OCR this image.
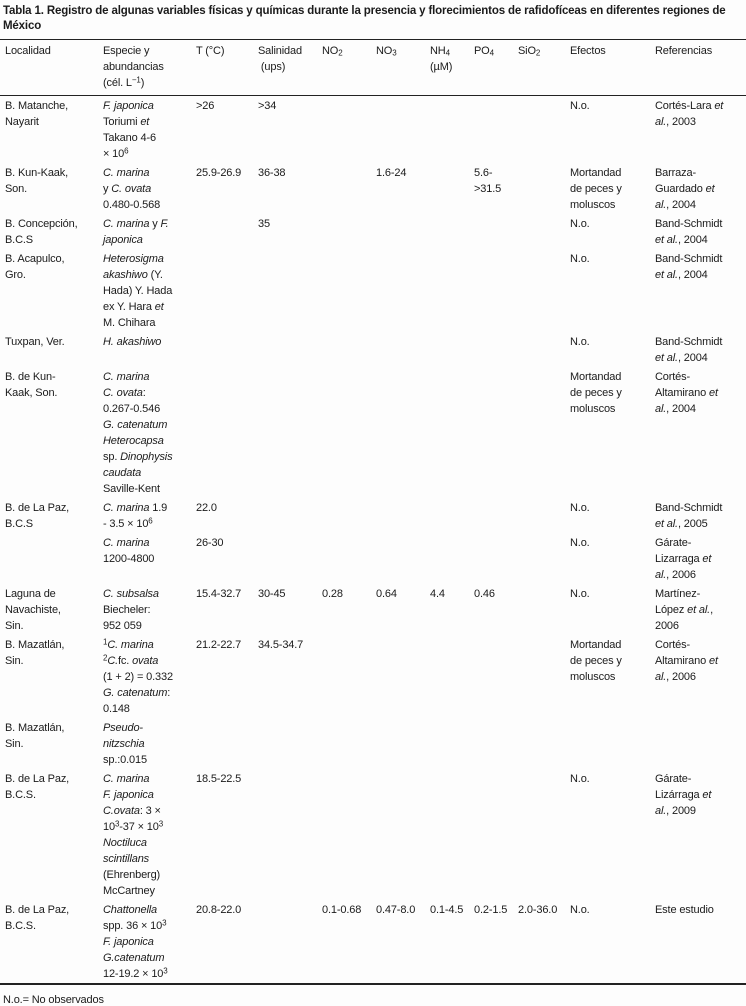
Tabla 1. Registro de algunas variables físicas y químicas durante la presencia y florecimientos de rafidofíceas en diferentes regiones de
México
Localidad	Especie y
abundancias
(cél. $L^{-1}$)	T (°C)	Salinidad
(ups)	$NO_2$	$NO_3$	$NH_4$
(µM)	$PO_4$	SiO$_2$	Efectos	Referencias
B. Matanche,
Nayarit	F. japonica
Toriumi et
Takano 4-6
× $10^6$	>26	>34						N.o.	Cortés-Lara et
al., 2003
B. Kun-Kaak,
Son.	C. marina
y C. ovata
0.480-0.568	25.9-26.9	36-38		1.6-24		5.6-
>31.5		Mortandad
de peces y
moluscos	Barraza-
Guardado et
al., 2004
B. Concepción,
B.C.S	C. marina y F.
japonica		35						N.o.	Band-Schmidt
et al., 2004
B. Acapulco,
Gro.	Heterosigma
akashiwo (Y.
Hada) Y. Hada
ex Y. Hara et
M. Chihara								N.o.	Band-Schmidt
et al., 2004
Tuxpan, Ver.	H. akashiwo								N.o.	Band-Schmidt
et al., 2004
B. de Kun-
Kaak, Son.	C. marina
C. ovata:
0.267-0.546
G. catenatum
Heterocapsa
sp. Dinophysis
caudata
Saville-Kent								Mortandad
de peces y
moluscos	Cortés-
Altamirano et
al., 2004
B. de La Paz,
B.C.S	C. marina 1.9
- $3.5 \times 10^6$	22.0							N.o.	Band-Schmidt
et al., 2005
	C. marina
1200-4800	26-30							N.o.	Gárate-
Lizarraga et
al., 2006
Laguna de
Navachiste,
Sin.	C. subsalsa
Biecheler:
952 059	15.4-32.7	30-45	0.28	0.64	4.4	0.46		N.o.	Martínez-
López et al.,
2006
B. Mazatlán,
Sin.	$^1$C. marina
$^2$C.fc. ovata
(1 + 2) = 0.332
G. catenatum:
0.148	21.2-22.7	34.5-34.7						Mortandad
de peces y
moluscos	Cortés-
Altamirano et
al., 2006
B. Mazatlán,
Sin.	Pseudo-
nitzschia
sp.:0.015									
B. de La Paz,
B.C.S.	C. marina
F. japonica
C.ovata: 3 ×
$10^3-37 \times 10^3$
Noctiluca
scintillans
(Ehrenberg)
McCartney	18.5-22.5							N.o.	Gárate-
Lizárraga et
al., 2009
B. de La Paz,
B.C.S.	Chattonella
spp. $36 \times 10^3$
F. japonica
G.catenatum
$12-19.2 \times 10^3$	20.8-22.0		0.1-0.68	0.47-8.0	0.1-4.5	0.2-1.5	2.0-36.0	N.o.	Este estudio
N.o.= No observados
